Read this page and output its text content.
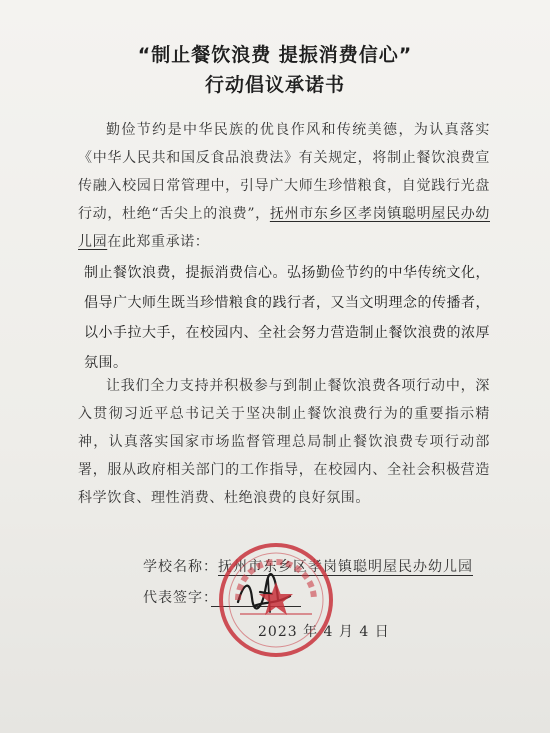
“制止餐饮浪费 提振消费信心”
行动倡议承诺书

勤俭节约是中华民族的优良作风和传统美德，为认真落实《中华人民共和国反食品浪费法》有关规定，将制止餐饮浪费宣传融入校园日常管理中，引导广大师生珍惜粮食，自觉践行光盘行动，杜绝“舌尖上的浪费”，抚州市东乡区孝岗镇聪明屋民办幼儿园在此郑重承诺：

制止餐饮浪费，提振消费信心。弘扬勤俭节约的中华传统文化，倡导广大师生既当珍惜粮食的践行者，又当文明理念的传播者，以小手拉大手，在校园内、全社会努力营造制止餐饮浪费的浓厚氛围。

让我们全力支持并积极参与到制止餐饮浪费各项行动中，深入贯彻习近平总书记关于坚决制止餐饮浪费行为的重要指示精神，认真落实国家市场监督管理总局制止餐饮浪费专项行动部署，服从政府相关部门的工作指导，在校园内、全社会积极营造科学饮食、理性消费、杜绝浪费的良好氛围。

学校名称：抚州市东乡区孝岗镇聪明屋民办幼儿园
代表签字：　　　　　　
2023 年 4 月 4 日
